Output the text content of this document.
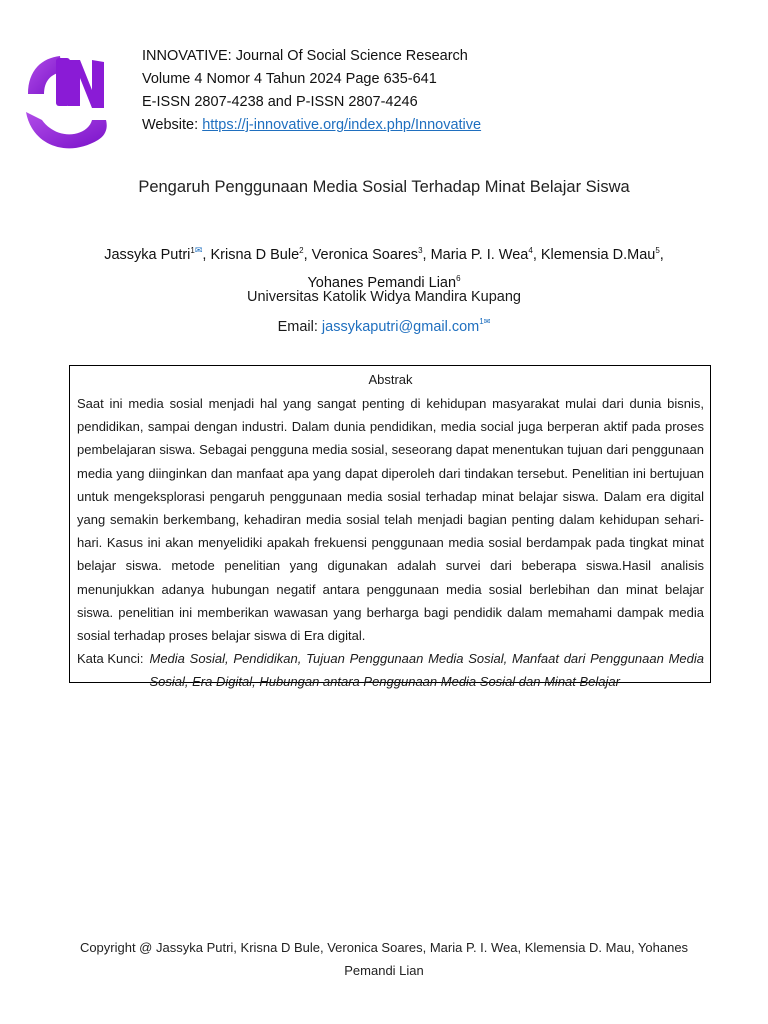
INNOVATIVE: Journal Of Social Science Research
Volume 4 Nomor 4 Tahun 2024 Page 635-641
E-ISSN 2807-4238 and P-ISSN 2807-4246
Website: https://j-innovative.org/index.php/Innovative
Pengaruh Penggunaan Media Sosial Terhadap Minat Belajar Siswa
Jassyka Putri$^{1✉}$, Krisna D Bule$^2$, Veronica Soares$^3$, Maria P. I. Wea$^4$, Klemensia D.Mau$^5$,
Yohanes Pemandi Lian$^6$
Universitas Katolik Widya Mandira Kupang
Email: jassykaputri@gmail.com$^{1✉}$
Abstrak
Saat ini media sosial menjadi hal yang sangat penting di kehidupan masyarakat mulai dari dunia bisnis, pendidikan, sampai dengan industri. Dalam dunia pendidikan, media social juga berperan aktif pada proses pembelajaran siswa. Sebagai pengguna media sosial, seseorang dapat menentukan tujuan dari penggunaan media yang diinginkan dan manfaat apa yang dapat diperoleh dari tindakan tersebut. Penelitian ini bertujuan untuk mengeksplorasi pengaruh penggunaan media sosial terhadap minat belajar siswa. Dalam era digital yang semakin berkembang, kehadiran media sosial telah menjadi bagian penting dalam kehidupan sehari-hari. Kasus ini akan menyelidiki apakah frekuensi penggunaan media sosial berdampak pada tingkat minat belajar siswa. metode penelitian yang digunakan adalah survei dari beberapa siswa.Hasil analisis menunjukkan adanya hubungan negatif antara penggunaan media sosial berlebihan dan minat belajar siswa. penelitian ini memberikan wawasan yang berharga bagi pendidik dalam memahami dampak media sosial terhadap proses belajar siswa di Era digital.
Kata Kunci: Media Sosial, Pendidikan, Tujuan Penggunaan Media Sosial, Manfaat dari Penggunaan Media Sosial, Era Digital, Hubungan antara Penggunaan Media Sosial dan Minat Belajar
Copyright @ Jassyka Putri, Krisna D Bule, Veronica Soares, Maria P. I. Wea, Klemensia D. Mau, Yohanes Pemandi Lian
